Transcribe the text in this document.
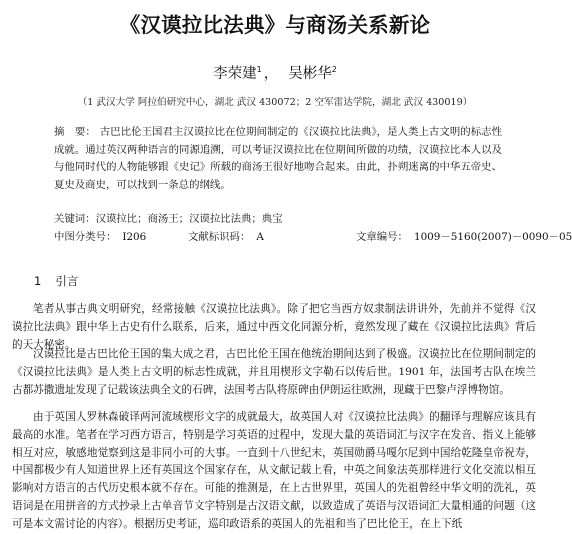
《汉谟拉比法典》与商汤关系新论
李荣建$^1$ ， 吴彬华$^2$
（1 武汉大学 阿拉伯研究中心，湖北 武汉 430072；2 空军雷达学院，湖北 武汉 430019）
摘　要： 古巴比伦王国君主汉谟拉比在位期间制定的《汉谟拉比法典》，是人类上古文明的标志性成就。通过英汉两种语言的同源追溯，可以考证汉谟拉比在位期间所做的功绩，汉谟拉比本人以及与他同时代的人物能够跟《史记》所载的商汤王很好地吻合起来。由此，扑朔迷离的中华五帝史、夏史及商史，可以找到一条总的纲线。
关键词：汉谟拉比；商汤王；汉谟拉比法典；典宝
中图分类号： I206	文献标识码： A	文章编号： 1009－5160(2007)－0090－05
1 引言

笔者从事古典文明研究，经常接触《汉谟拉比法典》。除了把它当西方奴隶制法讲讲外，先前并不觉得《汉谟拉比法典》跟中华上古史有什么联系，后来，通过中西文化同源分析，竟然发现了藏在《汉谟拉比法典》背后的天大秘密。

汉谟拉比是古巴比伦王国的集大成之君，古巴比伦王国在他统治期间达到了极盛。汉谟拉比在位期间制定的《汉谟拉比法典》是人类上古文明的标志性成就，并且用楔形文字勒石以传后世。1901 年，法国考古队在埃兰古都苏撒遗址发现了记载该法典全文的石碑，法国考古队将原碑由伊朗运往欧洲，现藏于巴黎卢浮博物馆。

由于英国人罗林森破译两河流域楔形文字的成就最大，故英国人对《汉谟拉比法典》的翻译与理解应该具有最高的水准。笔者在学习西方语言，特别是学习英语的过程中，发现大量的英语词汇与汉字在发音、指义上能够相互对应，敏感地觉察到这是非同小可的大事。一直到十八世纪末，英国勋爵马嘎尔尼到中国给乾隆皇帝祝寿，中国都极少有人知道世界上还有英国这个国家存在，从文献记载上看，中英之间象法英那样进行文化交流以相互影响对方语言的古代历史根本就不存在。可能的推测是，在上古世界里，英国人的先祖曾经中华文明的洗礼，英语词是在用拼音的方式抄录上古单音节文字特别是古汉语文献，以致造成了英语与汉语词汇大量相通的问题（这可是本文需讨论的内容）。根据历史考证，巡印政语系的英国人的先祖和当了巴比伦王，在上下纸
